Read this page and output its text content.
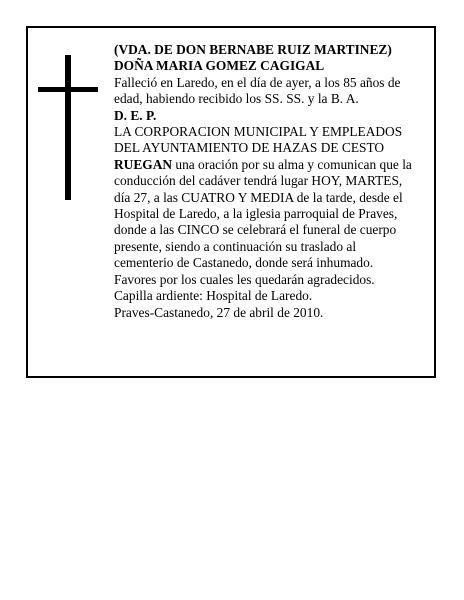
(VDA. DE DON BERNABE RUIZ MARTINEZ)
DOÑA MARIA GOMEZ CAGIGAL
Falleció en Laredo, en el día de ayer, a los 85 años de
edad, habiendo recibido los SS. SS. y la B. A.
D. E. P.
LA CORPORACION MUNICIPAL Y EMPLEADOS
DEL AYUNTAMIENTO DE HAZAS DE CESTO
RUEGAN una oración por su alma y comunican que la
conducción del cadáver tendrá lugar HOY, MARTES,
día 27, a las CUATRO Y MEDIA de la tarde, desde el
Hospital de Laredo, a la iglesia parroquial de Praves,
donde a las CINCO se celebrará el funeral de cuerpo
presente, siendo a continuación su traslado al
cementerio de Castanedo, donde será inhumado.
Favores por los cuales les quedarán agradecidos.
Capilla ardiente: Hospital de Laredo.
Praves-Castanedo, 27 de abril de 2010.
